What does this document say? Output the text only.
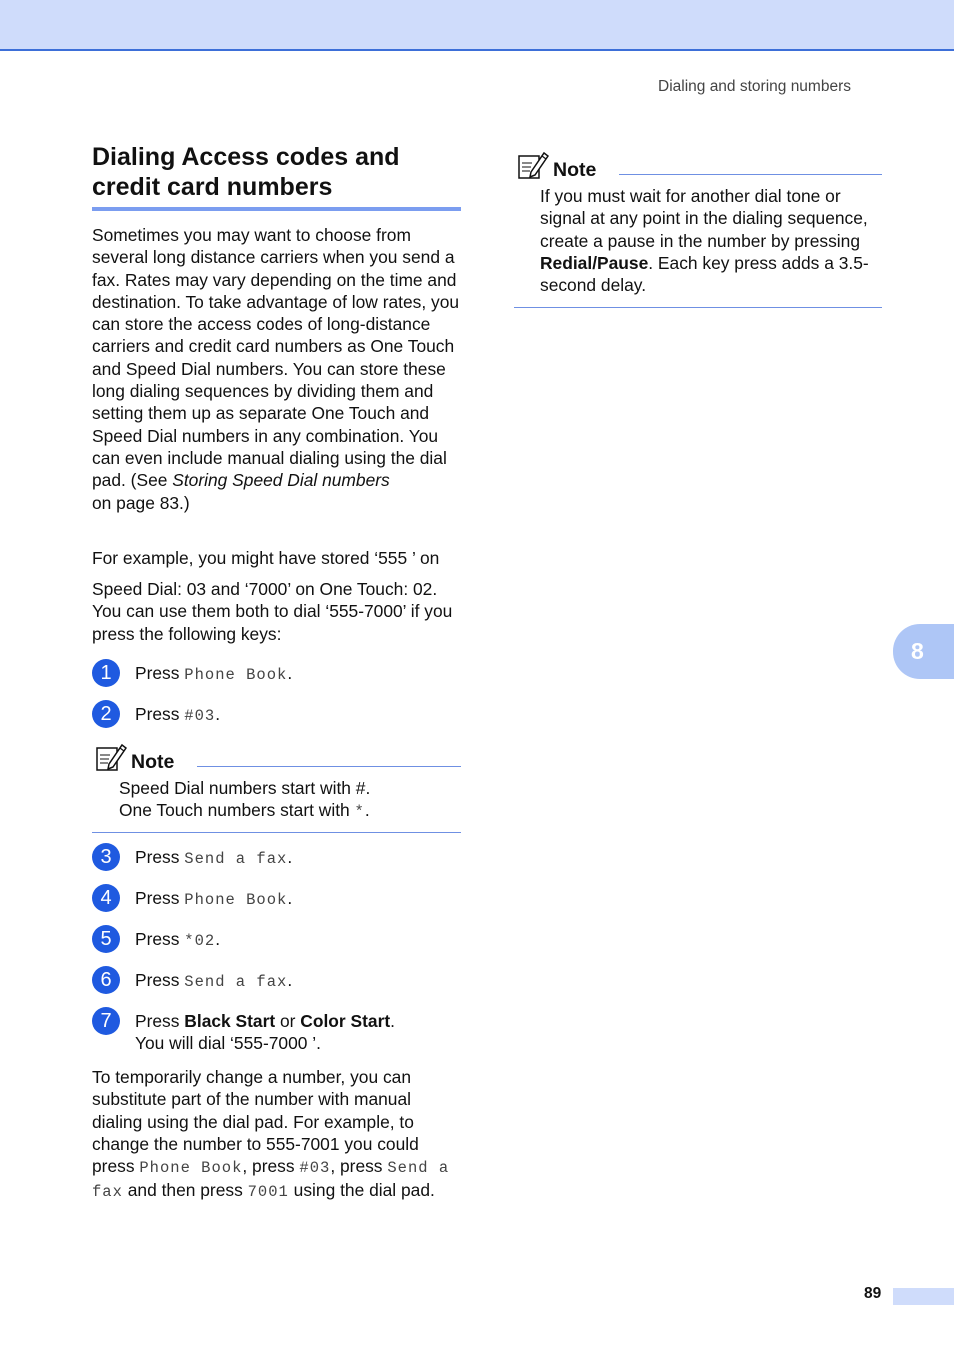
Dialing and storing numbers
Dialing Access codes and
credit card numbers

Sometimes you may want to choose from several long distance carriers when you send a fax. Rates may vary depending on the time and destination. To take advantage of low rates, you can store the access codes of long-distance carriers and credit card numbers as One Touch and Speed Dial numbers. You can store these long dialing sequences by dividing them and setting them up as separate One Touch and Speed Dial numbers in any combination. You can even include manual dialing using the dial pad. (See Storing Speed Dial numbers
on page 83.)

For example, you might have stored ‘555 ’ on

Speed Dial: 03 and ‘7000’ on One Touch: 02. You can use them both to dial ‘555-7000’ if you press the following keys:

1	Press Phone Book.
2	Press #03.
Note

Speed Dial numbers start with #.
One Touch numbers start with *.

3	Press Send a fax.
4	Press Phone Book.
5	Press *02.
6	Press Send a fax.
7	Press Black Start or Color Start.
You will dial ‘555-7000 ’.

To temporarily change a number, you can substitute part of the number with manual dialing using the dial pad. For example, to change the number to 555-7001 you could press Phone Book, press #03, press Send a fax and then press 7001 using the dial pad.

Note

If you must wait for another dial tone or signal at any point in the dialing sequence, create a pause in the number by pressing Redial/Pause. Each key press adds a 3.5-second delay.

8
89
